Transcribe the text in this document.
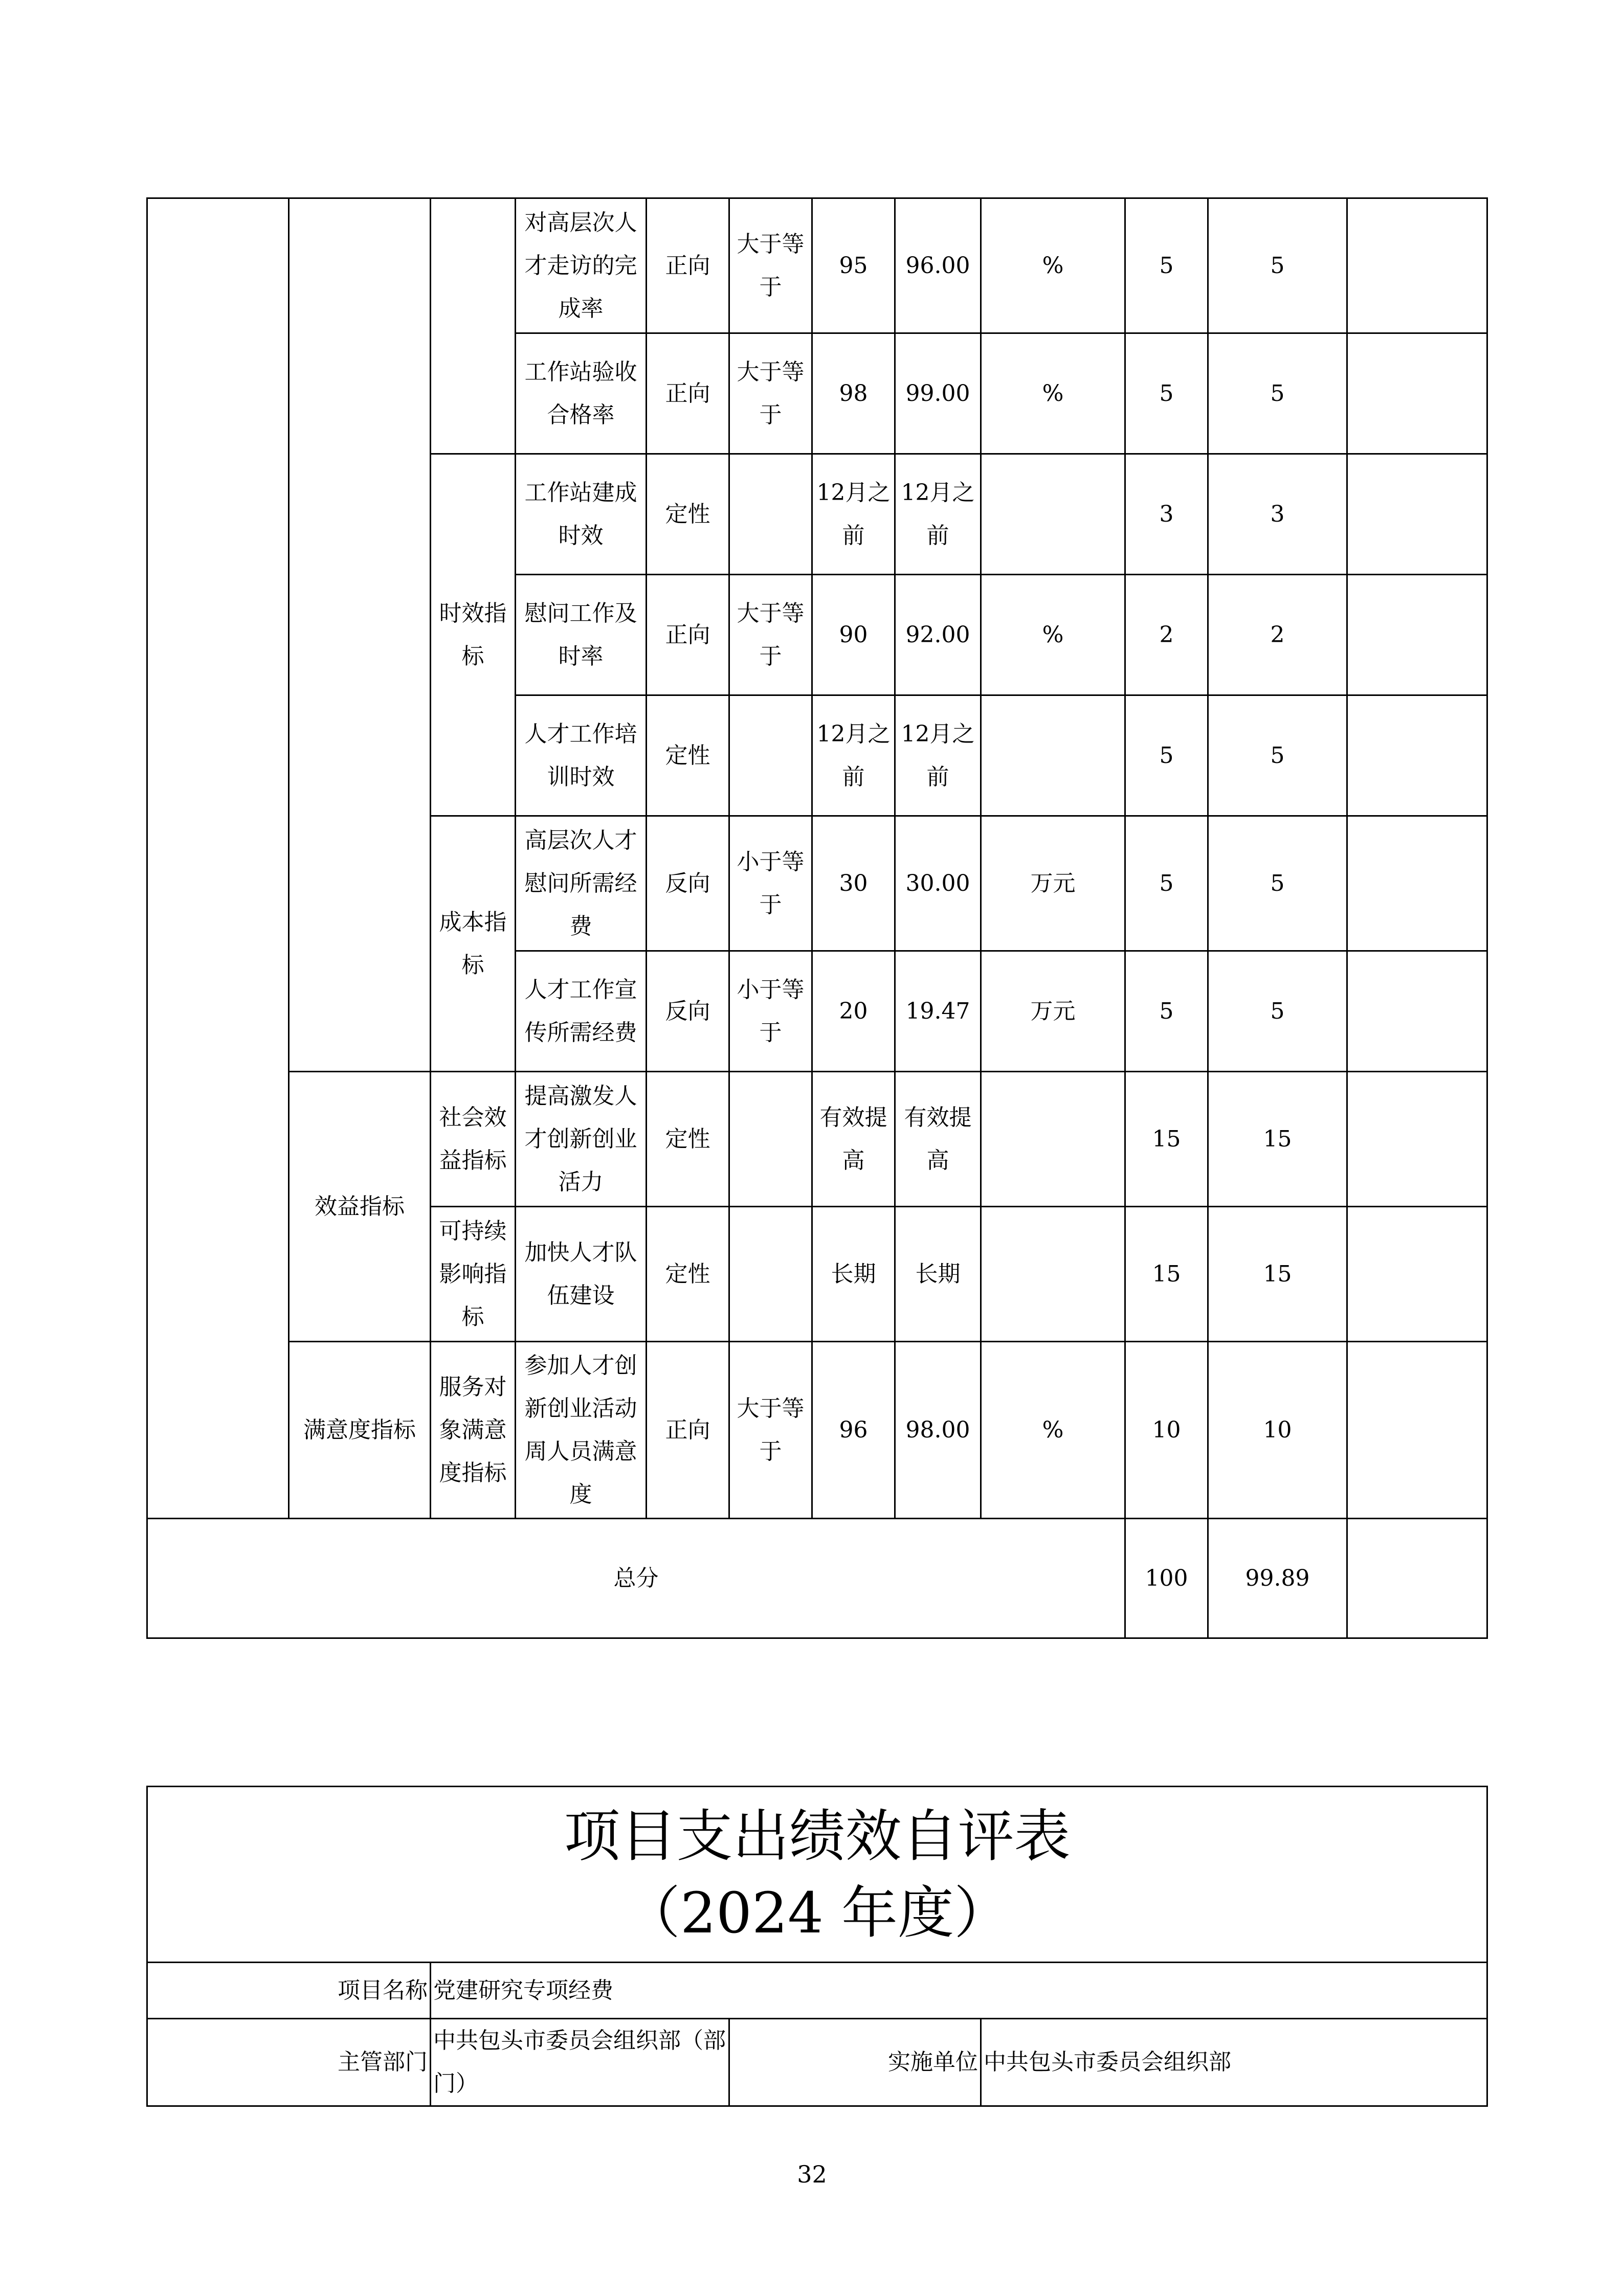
			对高层次人才走访的完成率	正向	大于等于	95	96.00	%	5	5	
			工作站验收合格率	正向	大于等于	98	99.00	%	5	5	
		时效指标	工作站建成时效	定性		12月之前	12月之前		3	3	
			慰问工作及时率	正向	大于等于	90	92.00	%	2	2	
			人才工作培训时效	定性		12月之前	12月之前		5	5	
		成本指标	高层次人才慰问所需经费	反向	小于等于	30	30.00	万元	5	5	
			人才工作宣传所需经费	反向	小于等于	20	19.47	万元	5	5	
	效益指标	社会效益指标	提高激发人才创新创业活力	定性		有效提高	有效提高		15	15	
		可持续影响指标	加快人才队伍建设	定性		长期	长期		15	15	
	满意度指标	服务对象满意度指标	参加人才创新创业活动周人员满意度	正向	大于等于	96	98.00	%	10	10	
总分									100	99.89	
项目支出绩效自评表
（2024 年度）			

项目名称	党建研究专项经费		
主管部门	中共包头市委员会组织部（部门）	实施单位	中共包头市委员会组织部
32
